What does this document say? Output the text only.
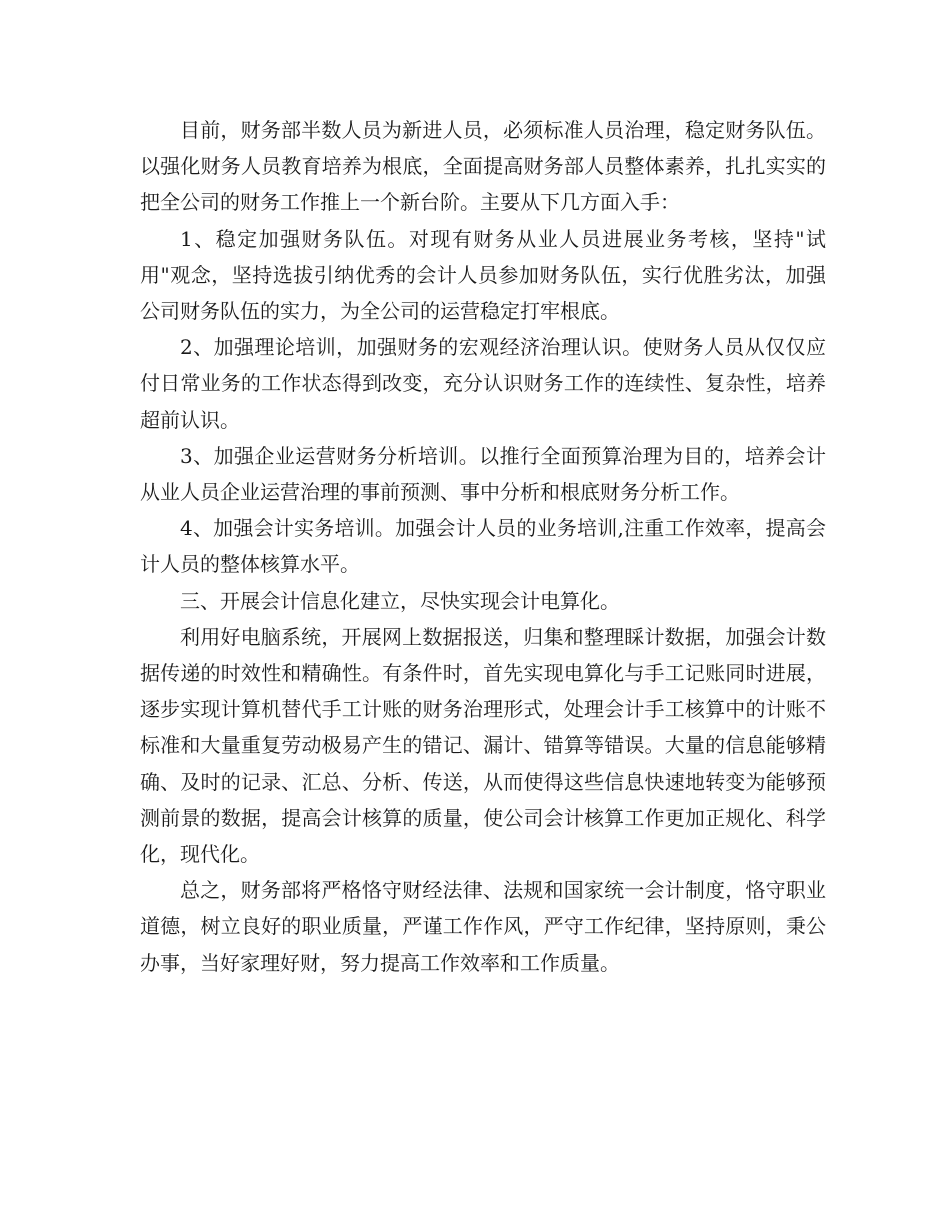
目前，财务部半数人员为新进人员，必须标准人员治理，稳定财务队伍。以强化财务人员教育培养为根底，全面提高财务部人员整体素养，扎扎实实的把全公司的财务工作推上一个新台阶。主要从下几方面入手：

1、稳定加强财务队伍。对现有财务从业人员进展业务考核，坚持"试用"观念，坚持选拔引纳优秀的会计人员参加财务队伍，实行优胜劣汰，加强公司财务队伍的实力，为全公司的运营稳定打牢根底。

2、加强理论培训，加强财务的宏观经济治理认识。使财务人员从仅仅应付日常业务的工作状态得到改变，充分认识财务工作的连续性、复杂性，培养超前认识。

3、加强企业运营财务分析培训。以推行全面预算治理为目的，培养会计从业人员企业运营治理的事前预测、事中分析和根底财务分析工作。

4、加强会计实务培训。加强会计人员的业务培训,注重工作效率，提高会计人员的整体核算水平。

三、开展会计信息化建立，尽快实现会计电算化。

利用好电脑系统，开展网上数据报送，归集和整理睬计数据，加强会计数据传递的时效性和精确性。有条件时，首先实现电算化与手工记账同时进展，逐步实现计算机替代手工计账的财务治理形式，处理会计手工核算中的计账不标准和大量重复劳动极易产生的错记、漏计、错算等错误。大量的信息能够精确、及时的记录、汇总、分析、传送，从而使得这些信息快速地转变为能够预测前景的数据，提高会计核算的质量，使公司会计核算工作更加正规化、科学化，现代化。

总之，财务部将严格恪守财经法律、法规和国家统一会计制度，恪守职业道德，树立良好的职业质量，严谨工作作风，严守工作纪律，坚持原则，秉公办事，当好家理好财，努力提高工作效率和工作质量。
